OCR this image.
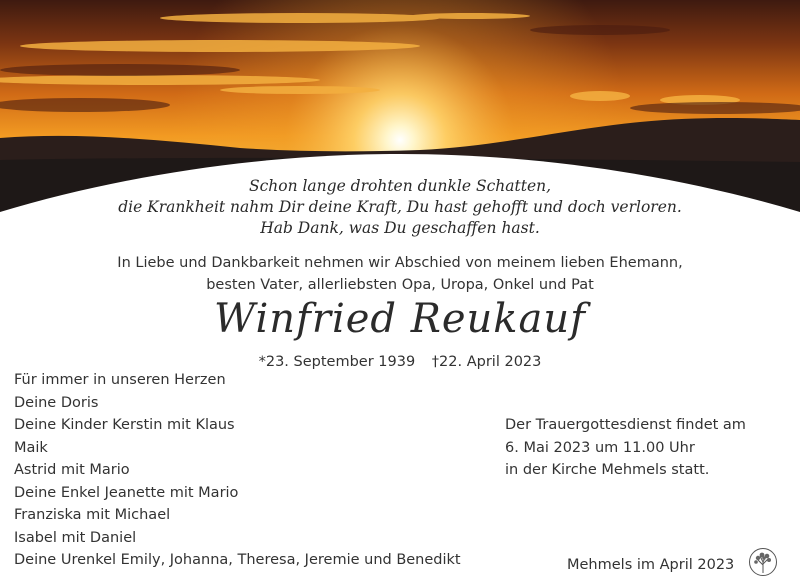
Schon lange drohten dunkle Schatten,
die Krankheit nahm Dir deine Kraft, Du hast gehofft und doch verloren.
Hab Dank, was Du geschaffen hast.
In Liebe und Dankbarkeit nehmen wir Abschied von meinem lieben Ehemann,
besten Vater, allerliebsten Opa, Uropa, Onkel und Pat
Winfried Reukauf
*23. September 1939 †22. April 2023
Für immer in unseren Herzen
Deine Doris
Deine Kinder Kerstin mit Klaus
Maik
Astrid mit Mario
Deine Enkel Jeanette mit Mario
Franziska mit Michael
Isabel mit Daniel
Deine Urenkel Emily, Johanna, Theresa, Jeremie und Benedikt
Der Trauergottesdienst findet am
6. Mai 2023 um 11.00 Uhr
in der Kirche Mehmels statt.
Mehmels im April 2023
